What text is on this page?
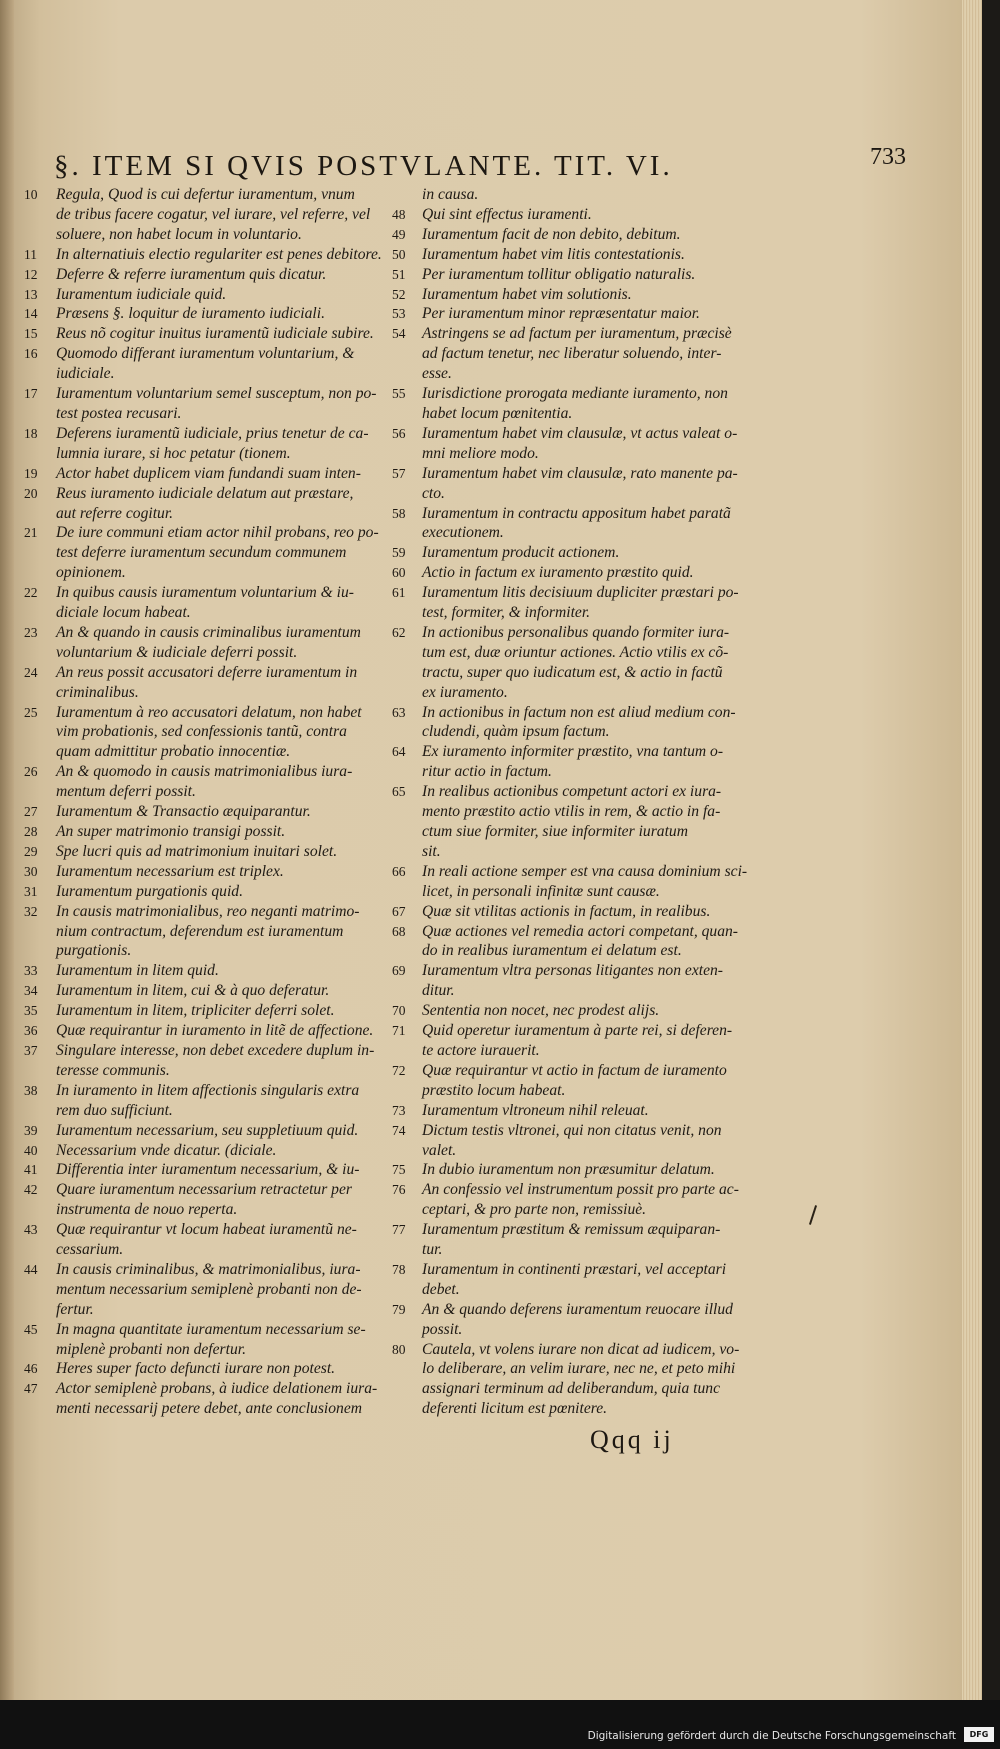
§. ITEM SI QVIS POSTVLANTE. TIT. VI.	733
10	Regula, Quod is cui defertur iuramentum, vnum
de tribus facere cogatur, vel iurare, vel referre, vel
soluere, non habet locum in voluntario.
11	In alternatiuis electio regulariter est penes debitore.
12	Deferre & referre iuramentum quis dicatur.
13	Iuramentum iudiciale quid.
14	Præsens §. loquitur de iuramento iudiciali.
15	Reus nõ cogitur inuitus iuramentũ iudiciale subire.
16	Quomodo differant iuramentum voluntarium, &
iudiciale.
17	Iuramentum voluntarium semel susceptum, non po-
test postea recusari.
18	Deferens iuramentũ iudiciale, prius tenetur de ca-
lumnia iurare, si hoc petatur (tionem.
19	Actor habet duplicem viam fundandi suam inten-
20	Reus iuramento iudiciale delatum aut præstare,
aut referre cogitur.
21	De iure communi etiam actor nihil probans, reo po-
test deferre iuramentum secundum communem
opinionem.
22	In quibus causis iuramentum voluntarium & iu-
diciale locum habeat.
23	An & quando in causis criminalibus iuramentum
voluntarium & iudiciale deferri possit.
24	An reus possit accusatori deferre iuramentum in
criminalibus.
25	Iuramentum à reo accusatori delatum, non habet
vim probationis, sed confessionis tantũ, contra
quam admittitur probatio innocentiæ.
26	An & quomodo in causis matrimonialibus iura-
mentum deferri possit.
27	Iuramentum & Transactio æquiparantur.
28	An super matrimonio transigi possit.
29	Spe lucri quis ad matrimonium inuitari solet.
30	Iuramentum necessarium est triplex.
31	Iuramentum purgationis quid.
32	In causis matrimonialibus, reo neganti matrimo-
nium contractum, deferendum est iuramentum
purgationis.
33	Iuramentum in litem quid.
34	Iuramentum in litem, cui & à quo deferatur.
35	Iuramentum in litem, tripliciter deferri solet.
36	Quæ requirantur in iuramento in litẽ de affectione.
37	Singulare interesse, non debet excedere duplum in-
teresse communis.
38	In iuramento in litem affectionis singularis extra
rem duo sufficiunt.
39	Iuramentum necessarium, seu suppletiuum quid.
40	Necessarium vnde dicatur. (diciale.
41	Differentia inter iuramentum necessarium, & iu-
42	Quare iuramentum necessarium retractetur per
instrumenta de nouo reperta.
43	Quæ requirantur vt locum habeat iuramentũ ne-
cessarium.
44	In causis criminalibus, & matrimonialibus, iura-
mentum necessarium semiplenè probanti non de-
fertur.
45	In magna quantitate iuramentum necessarium se-
miplenè probanti non defertur.
46	Heres super facto defuncti iurare non potest.
47	Actor semiplenè probans, à iudice delationem iura-
menti necessarij petere debet, ante conclusionem
in causa.
48	Qui sint effectus iuramenti.
49	Iuramentum facit de non debito, debitum.
50	Iuramentum habet vim litis contestationis.
51	Per iuramentum tollitur obligatio naturalis.
52	Iuramentum habet vim solutionis.
53	Per iuramentum minor repræsentatur maior.
54	Astringens se ad factum per iuramentum, præcisè
ad factum tenetur, nec liberatur soluendo, inter-
esse.
55	Iurisdictione prorogata mediante iuramento, non
habet locum pœnitentia.
56	Iuramentum habet vim clausulæ, vt actus valeat o-
mni meliore modo.
57	Iuramentum habet vim clausulæ, rato manente pa-
cto.
58	Iuramentum in contractu appositum habet paratã
executionem.
59	Iuramentum producit actionem.
60	Actio in factum ex iuramento præstito quid.
61	Iuramentum litis decisiuum dupliciter præstari po-
test, formiter, & informiter.
62	In actionibus personalibus quando formiter iura-
tum est, duæ oriuntur actiones. Actio vtilis ex cõ-
tractu, super quo iudicatum est, & actio in factũ
ex iuramento.
63	In actionibus in factum non est aliud medium con-
cludendi, quàm ipsum factum.
64	Ex iuramento informiter præstito, vna tantum o-
ritur actio in factum.
65	In realibus actionibus competunt actori ex iura-
mento præstito actio vtilis in rem, & actio in fa-
ctum siue formiter, siue informiter iuratum
sit.
66	In reali actione semper est vna causa dominium sci-
licet, in personali infinitæ sunt causæ.
67	Quæ sit vtilitas actionis in factum, in realibus.
68	Quæ actiones vel remedia actori competant, quan-
do in realibus iuramentum ei delatum est.
69	Iuramentum vltra personas litigantes non exten-
ditur.
70	Sententia non nocet, nec prodest alijs.
71	Quid operetur iuramentum à parte rei, si deferen-
te actore iurauerit.
72	Quæ requirantur vt actio in factum de iuramento
præstito locum habeat.
73	Iuramentum vltroneum nihil releuat.
74	Dictum testis vltronei, qui non citatus venit, non
valet.
75	In dubio iuramentum non præsumitur delatum.
76	An confessio vel instrumentum possit pro parte ac-
ceptari, & pro parte non, remissiuè.
77	Iuramentum præstitum & remissum æquiparan-
tur.
78	Iuramentum in continenti præstari, vel acceptari
debet.
79	An & quando deferens iuramentum reuocare illud
possit.
80	Cautela, vt volens iurare non dicat ad iudicem, vo-
lo deliberare, an velim iurare, nec ne, et peto mihi
assignari terminum ad deliberandum, quia tunc
deferenti licitum est pœnitere.
Qqq ij
Digitalisierung gefördert durch die Deutsche Forschungsgemeinschaft	DFG
